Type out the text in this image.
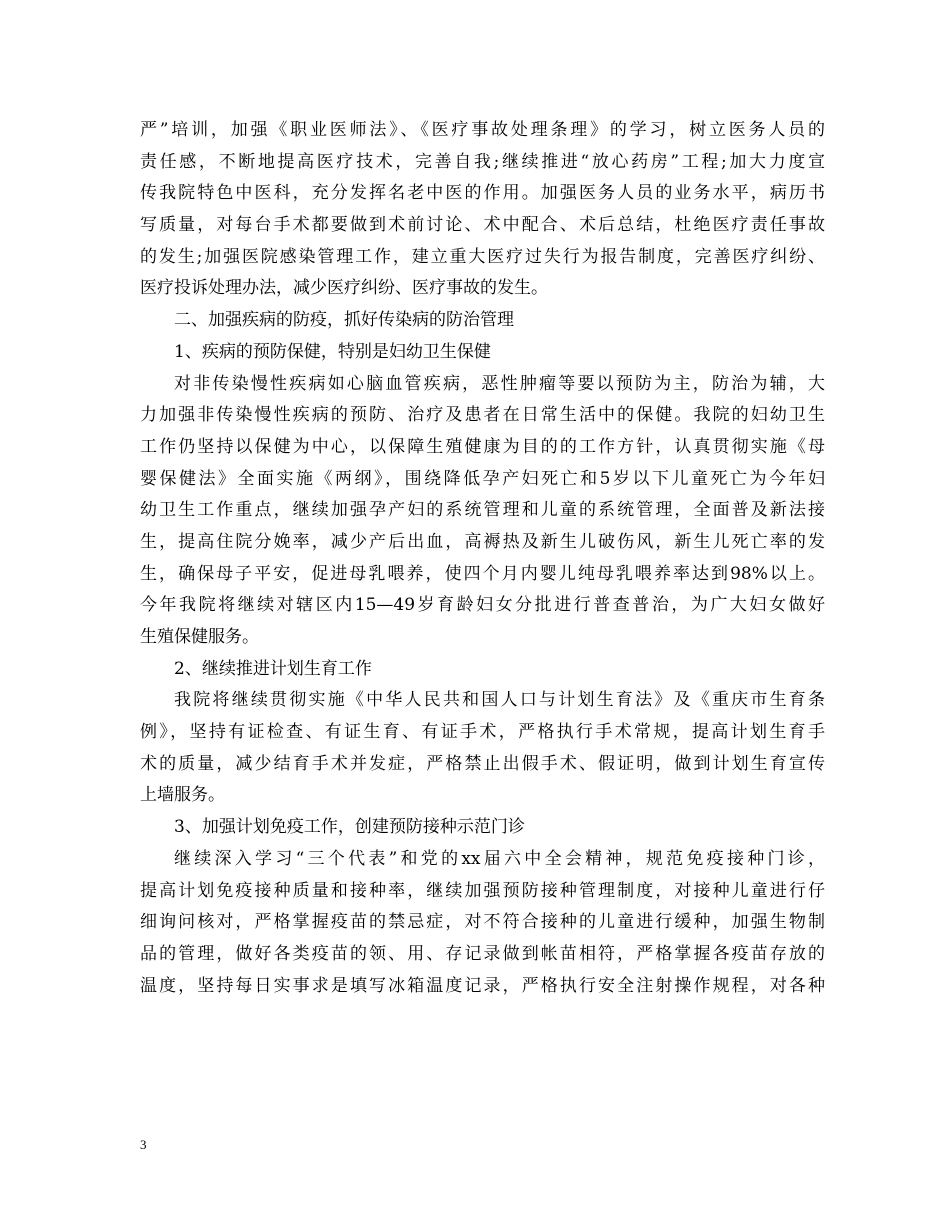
严”培训，加强《职业医师法》、《医疗事故处理条理》的学习，树立医务人员的
责任感，不断地提高医疗技术，完善自我;继续推进“放心药房”工程;加大力度宣
传我院特色中医科，充分发挥名老中医的作用。加强医务人员的业务水平，病历书
写质量，对每台手术都要做到术前讨论、术中配合、术后总结，杜绝医疗责任事故
的发生;加强医院感染管理工作，建立重大医疗过失行为报告制度，完善医疗纠纷、
医疗投诉处理办法，减少医疗纠纷、医疗事故的发生。
二、加强疾病的防疫，抓好传染病的防治管理
1、疾病的预防保健，特别是妇幼卫生保健
对非传染慢性疾病如心脑血管疾病，恶性肿瘤等要以预防为主，防治为辅，大
力加强非传染慢性疾病的预防、治疗及患者在日常生活中的保健。我院的妇幼卫生
工作仍坚持以保健为中心，以保障生殖健康为目的的工作方针，认真贯彻实施《母
婴保健法》全面实施《两纲》，围绕降低孕产妇死亡和5岁以下儿童死亡为今年妇
幼卫生工作重点，继续加强孕产妇的系统管理和儿童的系统管理，全面普及新法接
生，提高住院分娩率，减少产后出血，高褥热及新生儿破伤风，新生儿死亡率的发
生，确保母子平安，促进母乳喂养，使四个月内婴儿纯母乳喂养率达到98%以上。
今年我院将继续对辖区内15—49岁育龄妇女分批进行普查普治，为广大妇女做好
生殖保健服务。
2、继续推进计划生育工作
我院将继续贯彻实施《中华人民共和国人口与计划生育法》及《重庆市生育条
例》，坚持有证检查、有证生育、有证手术，严格执行手术常规，提高计划生育手
术的质量，减少结育手术并发症，严格禁止出假手术、假证明，做到计划生育宣传
上墙服务。
3、加强计划免疫工作，创建预防接种示范门诊
继续深入学习“三个代表”和党的xx届六中全会精神，规范免疫接种门诊，
提高计划免疫接种质量和接种率，继续加强预防接种管理制度，对接种儿童进行仔
细询问核对，严格掌握疫苗的禁忌症，对不符合接种的儿童进行缓种，加强生物制
品的管理，做好各类疫苗的领、用、存记录做到帐苗相符，严格掌握各疫苗存放的
温度，坚持每日实事求是填写冰箱温度记录，严格执行安全注射操作规程，对各种
3
